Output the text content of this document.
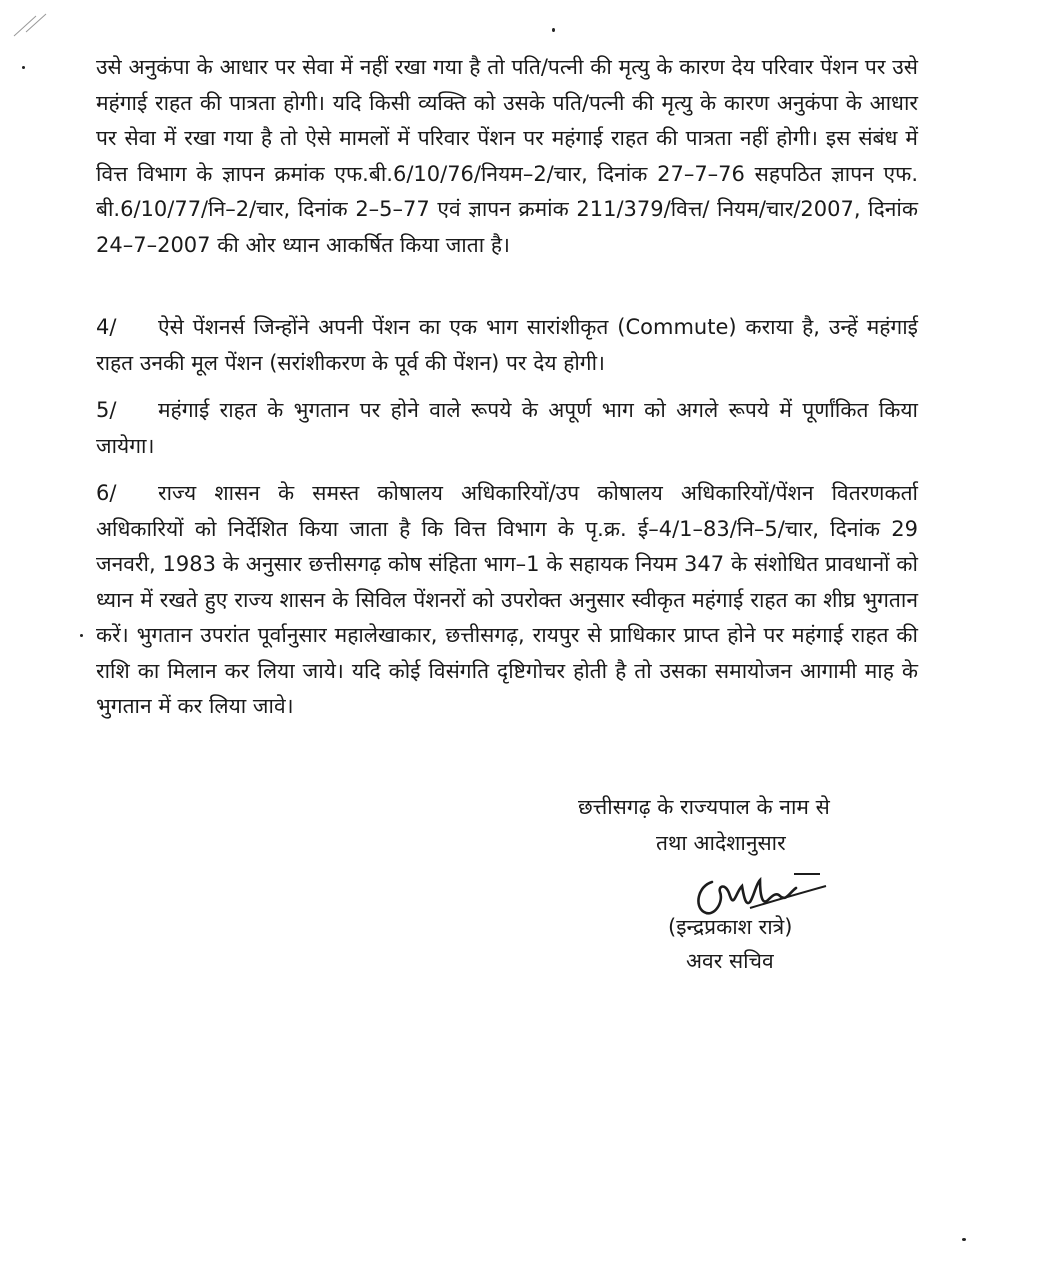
उसे अनुकंपा के आधार पर सेवा में नहीं रखा गया है तो पति/पत्नी की मृत्यु के कारण देय परिवार पेंशन पर उसे महंगाई राहत की पात्रता होगी। यदि किसी व्यक्ति को उसके पति/पत्नी की मृत्यु के कारण अनुकंपा के आधार पर सेवा में रखा गया है तो ऐसे मामलों में परिवार पेंशन पर महंगाई राहत की पात्रता नहीं होगी। इस संबंध में वित्त विभाग के ज्ञापन क्रमांक एफ.बी.6/10/76/नियम–2/चार, दिनांक 27–7–76 सहपठित ज्ञापन एफ. बी.6/10/77/नि–2/चार, दिनांक 2–5–77 एवं ज्ञापन क्रमांक 211/379/वित्त/ नियम/चार/2007, दिनांक 24–7–2007 की ओर ध्यान आकर्षित किया जाता है।

4/ ऐसे पेंशनर्स जिन्होंने अपनी पेंशन का एक भाग सारांशीकृत (Commute) कराया है, उन्हें महंगाई राहत उनकी मूल पेंशन (सरांशीकरण के पूर्व की पेंशन) पर देय होगी।

5/ महंगाई राहत के भुगतान पर होने वाले रूपये के अपूर्ण भाग को अगले रूपये में पूर्णांकित किया जायेगा।

6/ राज्य शासन के समस्त कोषालय अधिकारियों/उप कोषालय अधिकारियों/पेंशन वितरणकर्ता अधिकारियों को निर्देशित किया जाता है कि वित्त विभाग के पृ.क्र. ई–4/1–83/नि–5/चार, दिनांक 29 जनवरी, 1983 के अनुसार छत्तीसगढ़ कोष संहिता भाग–1 के सहायक नियम 347 के संशोधित प्रावधानों को ध्यान में रखते हुए राज्य शासन के सिविल पेंशनरों को उपरोक्त अनुसार स्वीकृत महंगाई राहत का शीघ्र भुगतान करें। भुगतान उपरांत पूर्वानुसार महालेखाकार, छत्तीसगढ़, रायपुर से प्राधिकार प्राप्त होने पर महंगाई राहत की राशि का मिलान कर लिया जाये। यदि कोई विसंगति दृष्टिगोचर होती है तो उसका समायोजन आगामी माह के भुगतान में कर लिया जावे।

छत्तीसगढ़ के राज्यपाल के नाम से
तथा आदेशानुसार
(इन्द्रप्रकाश रात्रे)
अवर सचिव
